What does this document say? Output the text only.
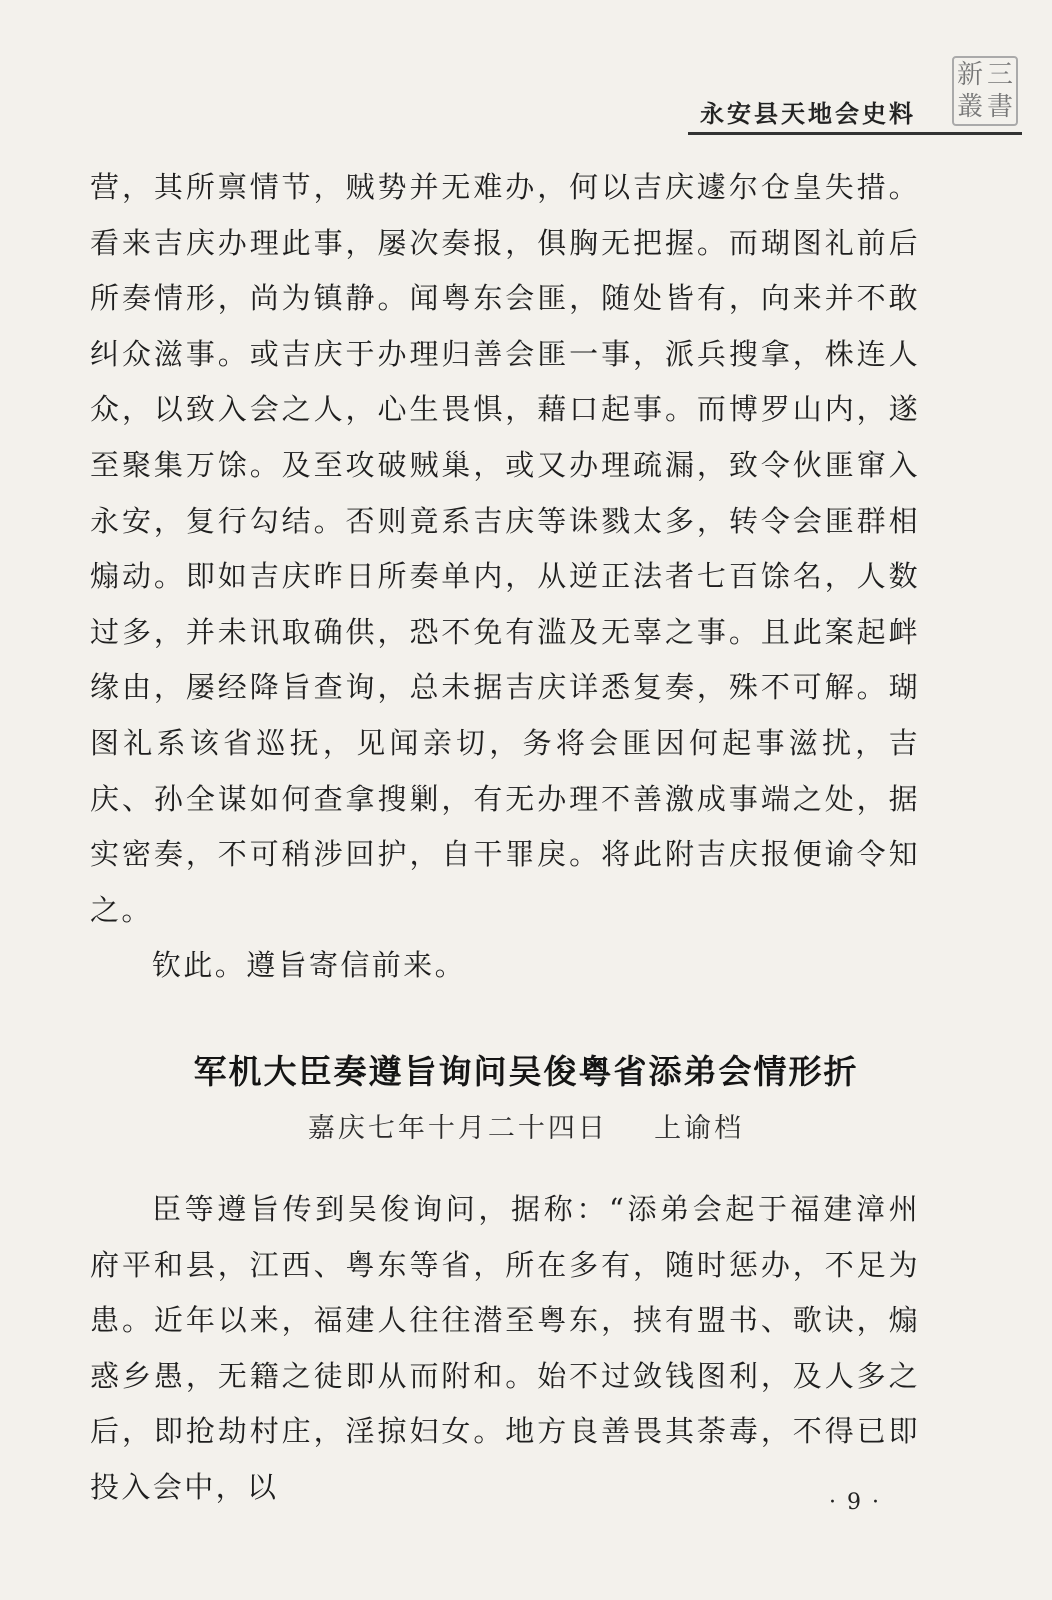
永安县天地会史料
新 三
叢 書

营，其所禀情节，贼势并无难办，何以吉庆遽尔仓皇失措。看来吉庆办理此事，屡次奏报，俱胸无把握。而瑚图礼前后所奏情形，尚为镇静。闻粤东会匪，随处皆有，向来并不敢纠众滋事。或吉庆于办理归善会匪一事，派兵搜拿，株连人众，以致入会之人，心生畏惧，藉口起事。而博罗山内，遂至聚集万馀。及至攻破贼巢，或又办理疏漏，致令伙匪窜入永安，复行勾结。否则竟系吉庆等诛戮太多，转令会匪群相煽动。即如吉庆昨日所奏单内，从逆正法者七百馀名，人数过多，并未讯取确供，恐不免有滥及无辜之事。且此案起衅缘由，屡经降旨查询，总未据吉庆详悉复奏，殊不可解。瑚图礼系该省巡抚，见闻亲切，务将会匪因何起事滋扰，吉庆、孙全谋如何查拿搜剿，有无办理不善激成事端之处，据实密奏，不可稍涉回护，自干罪戾。将此附吉庆报便谕令知之。

钦此。遵旨寄信前来。

军机大臣奏遵旨询问吴俊粤省添弟会情形折
嘉庆七年十月二十四日 上谕档

臣等遵旨传到吴俊询问，据称：“添弟会起于福建漳州府平和县，江西、粤东等省，所在多有，随时惩办，不足为患。近年以来，福建人往往潜至粤东，挟有盟书、歌诀，煽惑乡愚，无籍之徒即从而附和。始不过敛钱图利，及人多之后，即抢劫村庄，淫掠妇女。地方良善畏其荼毒，不得已即投入会中，以	· 9 ·
